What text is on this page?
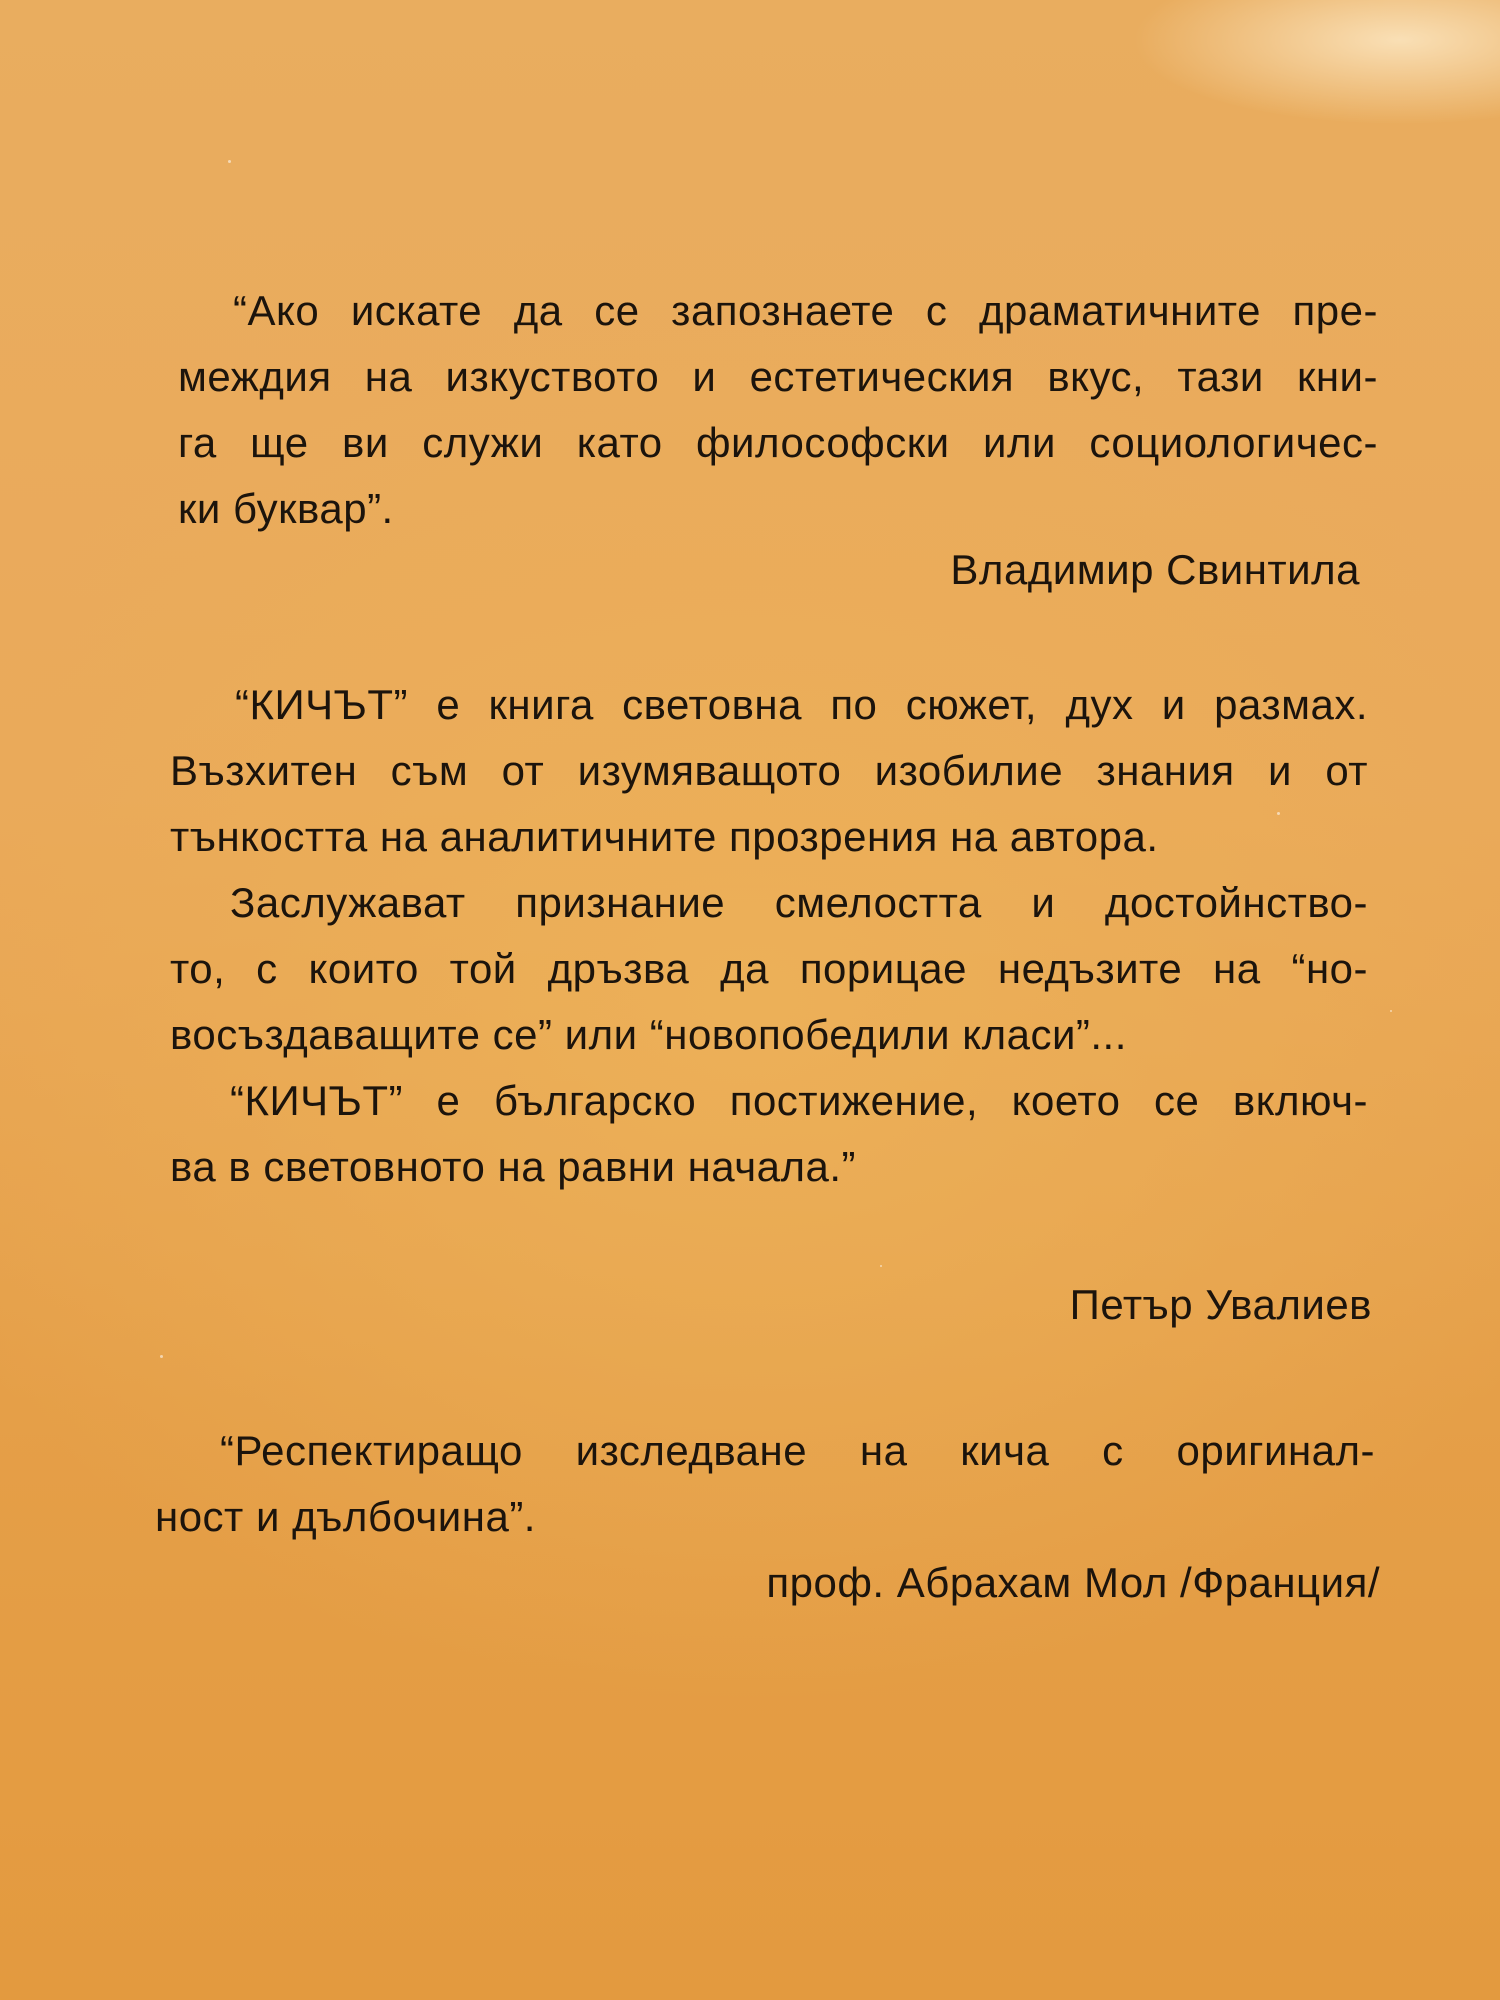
“Ако искате да се запознаете с драматичните пре-
междия на изкуството и естетическия вкус, тази кни-
га ще ви служи като философски или социологичес-
ки буквар”.
Владимир Свинтила
“КИЧЪТ” е книга световна по сюжет, дух и размах.
Възхитен съм от изумяващото изобилие знания и от
тънкостта на аналитичните прозрения на автора.
Заслужават признание смелостта и достойнство-
то, с които той дръзва да порицае недъзите на “но-
восъздаващите се” или “новопобедили класи”...
“КИЧЪТ” е българско постижение, което се включ-
ва в световното на равни начала.”
Петър Увалиев
“Респектиращо изследване на кича с оригинал-
ност и дълбочина”.
проф. Абрахам Мол /Франция/
